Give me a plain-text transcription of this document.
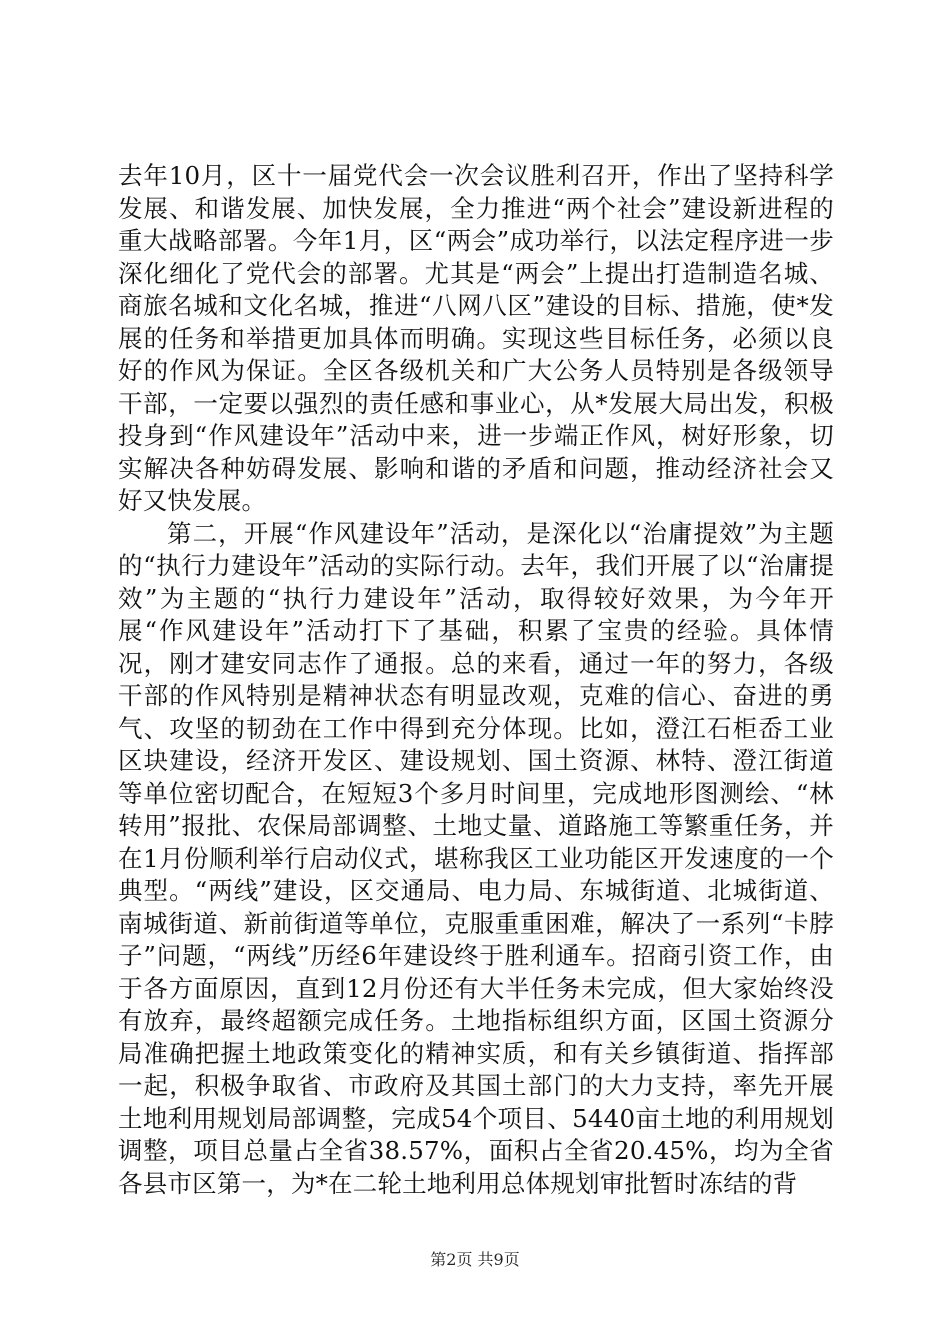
去年10月，区十一届党代会一次会议胜利召开，作出了坚持科学发展、和谐发展、加快发展，全力推进“两个社会”建设新进程的重大战略部署。今年1月，区“两会”成功举行，以法定程序进一步深化细化了党代会的部署。尤其是“两会”上提出打造制造名城、商旅名城和文化名城，推进“八网八区”建设的目标、措施，使*发展的任务和举措更加具体而明确。实现这些目标任务，必须以良好的作风为保证。全区各级机关和广大公务人员特别是各级领导干部，一定要以强烈的责任感和事业心，从*发展大局出发，积极投身到“作风建设年”活动中来，进一步端正作风，树好形象，切实解决各种妨碍发展、影响和谐的矛盾和问题，推动经济社会又好又快发展。

第二，开展“作风建设年”活动，是深化以“治庸提效”为主题的“执行力建设年”活动的实际行动。去年，我们开展了以“治庸提效”为主题的“执行力建设年”活动，取得较好效果，为今年开展“作风建设年”活动打下了基础，积累了宝贵的经验。具体情况，刚才建安同志作了通报。总的来看，通过一年的努力，各级干部的作风特别是精神状态有明显改观，克难的信心、奋进的勇气、攻坚的韧劲在工作中得到充分体现。比如，澄江石柜岙工业区块建设，经济开发区、建设规划、国土资源、林特、澄江街道等单位密切配合，在短短3个多月时间里，完成地形图测绘、“林转用”报批、农保局部调整、土地丈量、道路施工等繁重任务，并在1月份顺利举行启动仪式，堪称我区工业功能区开发速度的一个典型。“两线”建设，区交通局、电力局、东城街道、北城街道、南城街道、新前街道等单位，克服重重困难，解决了一系列“卡脖子”问题，“两线”历经6年建设终于胜利通车。招商引资工作，由于各方面原因，直到12月份还有大半任务未完成，但大家始终没有放弃，最终超额完成任务。土地指标组织方面，区国土资源分局准确把握土地政策变化的精神实质，和有关乡镇街道、指挥部一起，积极争取省、市政府及其国土部门的大力支持，率先开展土地利用规划局部调整，完成54个项目、5440亩土地的利用规划调整，项目总量占全省38.57%，面积占全省20.45%，均为全省各县市区第一，为*在二轮土地利用总体规划审批暂时冻结的背

第2页 共9页
